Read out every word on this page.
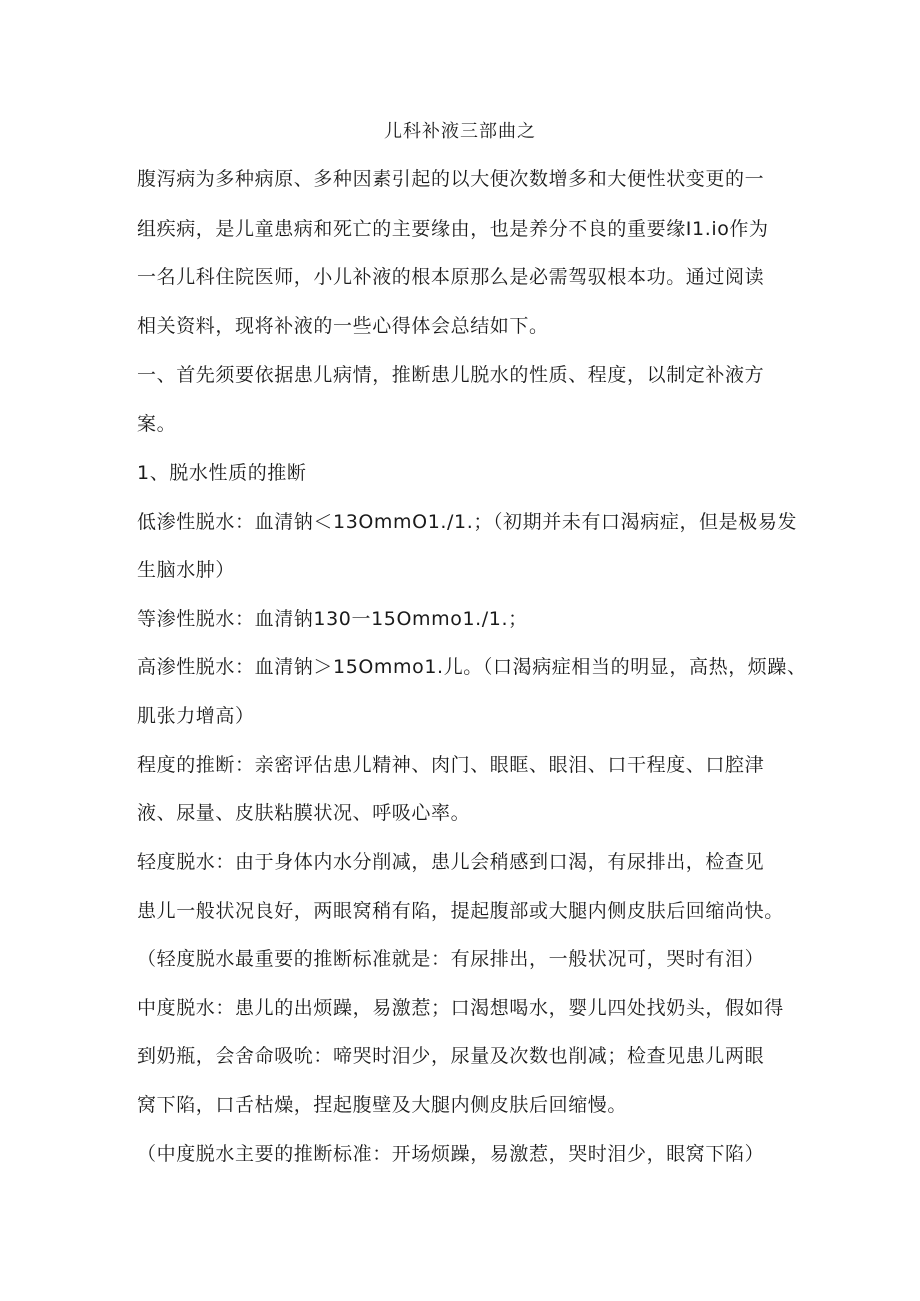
儿科补液三部曲之
腹泻病为多种病原、多种因素引起的以大便次数增多和大便性状变更的一
组疾病，是儿童患病和死亡的主要缘由，也是养分不良的重要缘I1.io作为
一名儿科住院医师，小儿补液的根本原那么是必需驾驭根本功。通过阅读
相关资料，现将补液的一些心得体会总结如下。
一、首先须要依据患儿病情，推断患儿脱水的性质、程度，以制定补液方
案。
1、脱水性质的推断
低渗性脱水：血清钠＜13OmmO1./1.；（初期并未有口渴病症，但是极易发
生脑水肿）
等渗性脱水：血清钠130一15Ommo1./1.；
高渗性脱水：血清钠＞15Ommo1.儿。（口渴病症相当的明显，高热，烦躁、
肌张力增高）
程度的推断：亲密评估患儿精神、肉门、眼眶、眼泪、口干程度、口腔津
液、尿量、皮肤粘膜状况、呼吸心率。
轻度脱水：由于身体内水分削减，患儿会稍感到口渴，有尿排出，检查见
患儿一般状况良好，两眼窝稍有陷，提起腹部或大腿内侧皮肤后回缩尚快。
（轻度脱水最重要的推断标准就是：有尿排出，一般状况可，哭时有泪）
中度脱水：患儿的出烦躁，易激惹；口渴想喝水，婴儿四处找奶头，假如得
到奶瓶，会舍命吸吮：啼哭时泪少，尿量及次数也削减；检查见患儿两眼
窝下陷，口舌枯燥，捏起腹壁及大腿内侧皮肤后回缩慢。
（中度脱水主要的推断标准：开场烦躁，易激惹，哭时泪少，眼窝下陷）
